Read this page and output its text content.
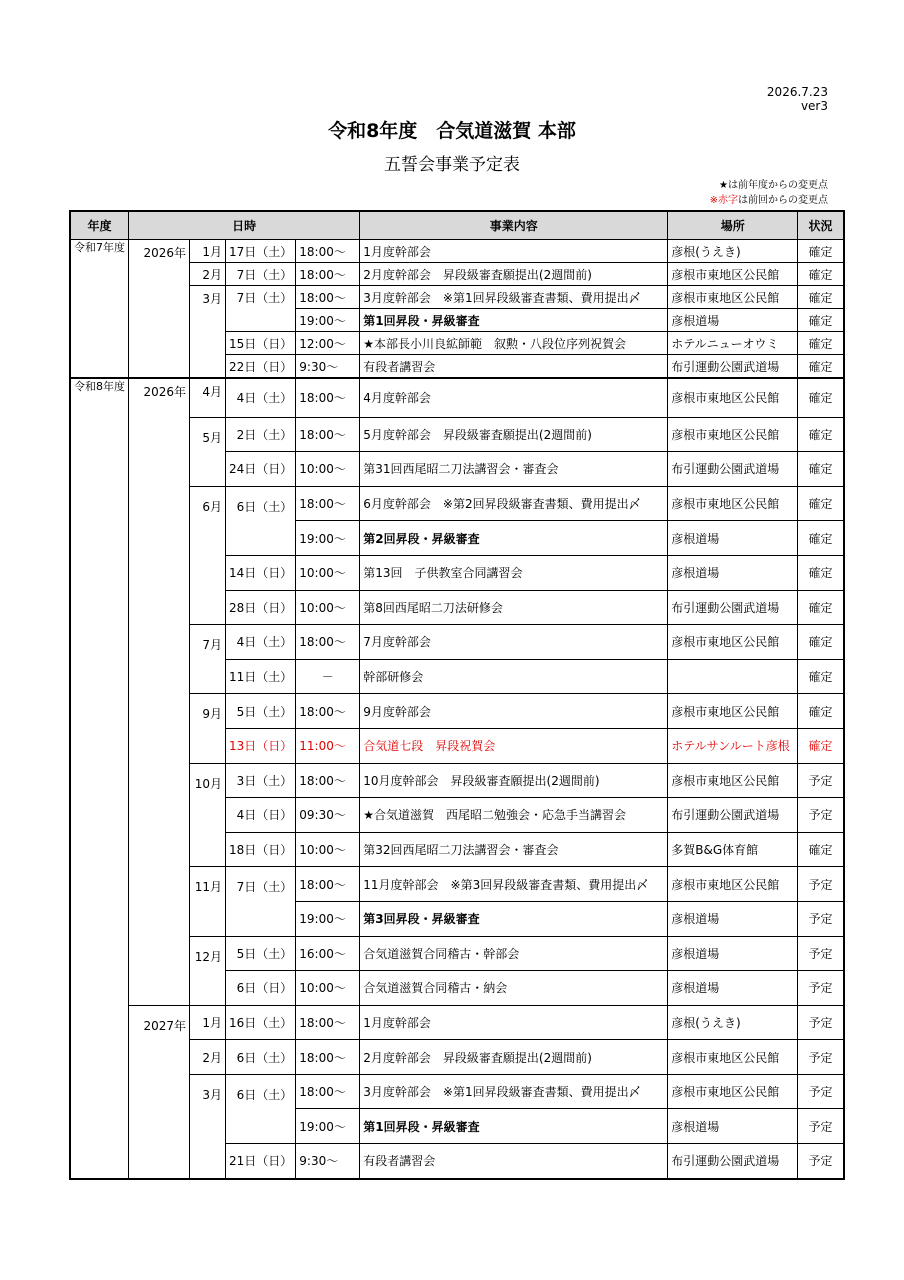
2026.7.23
ver3
令和8年度　合気道滋賀 本部
五誓会事業予定表
★は前年度からの変更点
※赤字は前回からの変更点
年度	日時				事業内容	場所	状況
令和7年度	2026年	1月	17日（土）	18:00～	1月度幹部会	彦根(うえき)	確定
		2月	7日（土）	18:00～	2月度幹部会　昇段級審査願提出(2週間前)	彦根市東地区公民館	確定
		3月	7日（土）	18:00～	3月度幹部会　※第1回昇段級審査書類、費用提出〆	彦根市東地区公民館	確定
				19:00～	第1回昇段・昇級審査	彦根道場	確定
			15日（日）	12:00～	★本部長小川良絋師範　叙勲・八段位序列祝賀会	ホテルニューオウミ	確定
			22日（日）	9:30～	有段者講習会	布引運動公園武道場	確定
令和8年度	2026年	4月	4日（土）	18:00～	4月度幹部会	彦根市東地区公民館	確定
		5月	2日（土）	18:00～	5月度幹部会　昇段級審査願提出(2週間前)	彦根市東地区公民館	確定
			24日（日）	10:00～	第31回西尾昭二刀法講習会・審査会	布引運動公園武道場	確定
		6月	6日（土）	18:00～	6月度幹部会　※第2回昇段級審査書類、費用提出〆	彦根市東地区公民館	確定
				19:00～	第2回昇段・昇級審査	彦根道場	確定
			14日（日）	10:00～	第13回　子供教室合同講習会	彦根道場	確定
			28日（日）	10:00～	第8回西尾昭二刀法研修会	布引運動公園武道場	確定
		7月	4日（土）	18:00～	7月度幹部会	彦根市東地区公民館	確定
			11日（土）	－	幹部研修会		確定
		9月	5日（土）	18:00～	9月度幹部会	彦根市東地区公民館	確定
			13日（日）	11:00～	合気道七段　昇段祝賀会	ホテルサンルート彦根	確定
		10月	3日（土）	18:00～	10月度幹部会　昇段級審査願提出(2週間前)	彦根市東地区公民館	予定
			4日（日）	09:30～	★合気道滋賀　西尾昭二勉強会・応急手当講習会	布引運動公園武道場	予定
			18日（日）	10:00～	第32回西尾昭二刀法講習会・審査会	多賀B&G体育館	確定
		11月	7日（土）	18:00～	11月度幹部会　※第3回昇段級審査書類、費用提出〆	彦根市東地区公民館	予定
				19:00～	第3回昇段・昇級審査	彦根道場	予定
		12月	5日（土）	16:00～	合気道滋賀合同稽古・幹部会	彦根道場	予定
			6日（日）	10:00～	合気道滋賀合同稽古・納会	彦根道場	予定
	2027年	1月	16日（土）	18:00～	1月度幹部会	彦根(うえき)	予定
		2月	6日（土）	18:00～	2月度幹部会　昇段級審査願提出(2週間前)	彦根市東地区公民館	予定
		3月	6日（土）	18:00～	3月度幹部会　※第1回昇段級審査書類、費用提出〆	彦根市東地区公民館	予定
				19:00～	第1回昇段・昇級審査	彦根道場	予定
			21日（日）	9:30～	有段者講習会	布引運動公園武道場	予定
